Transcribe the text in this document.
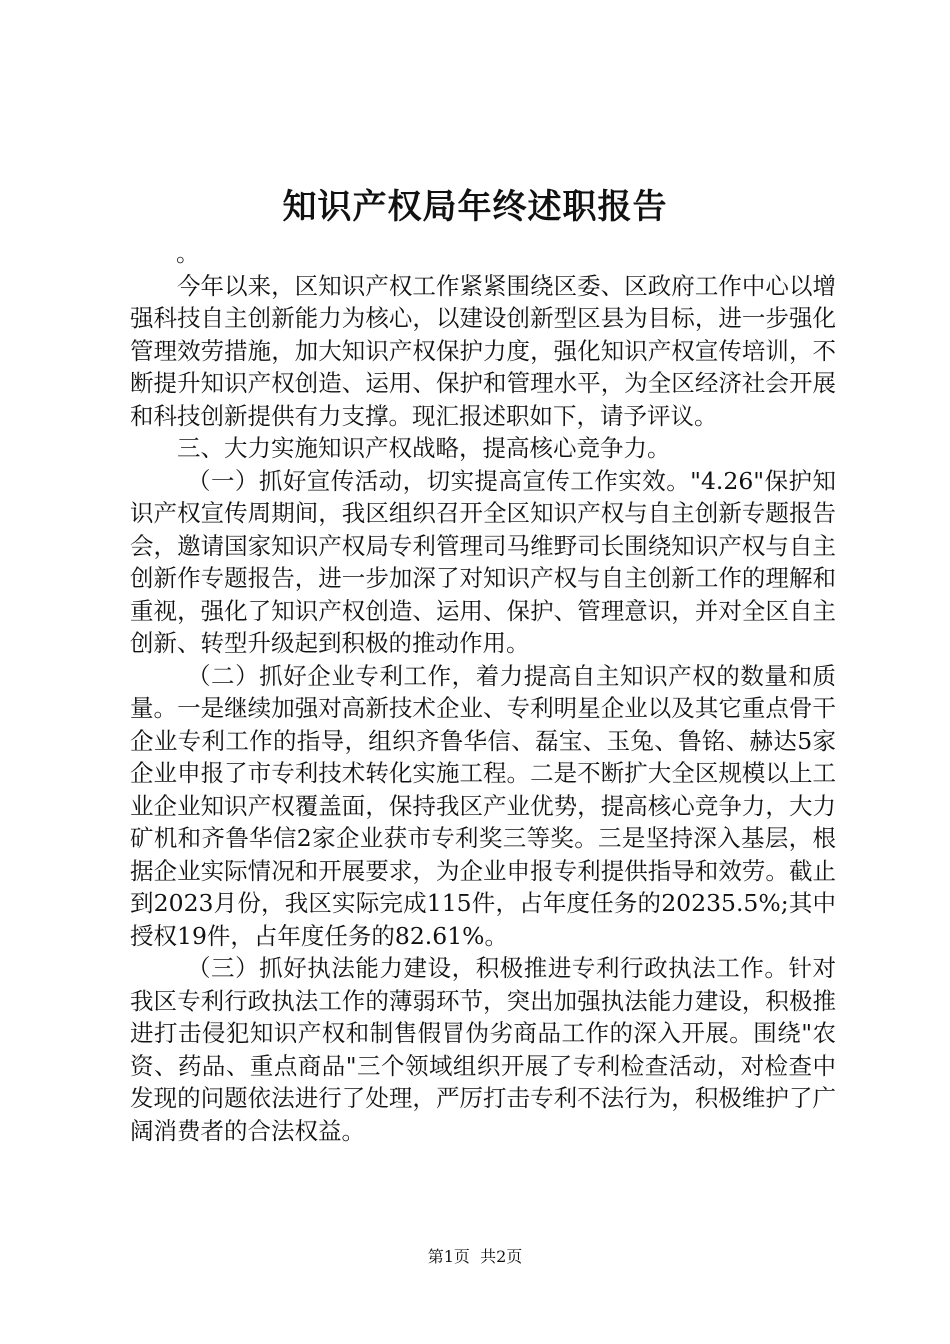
知识产权局年终述职报告

。

今年以来，区知识产权工作紧紧围绕区委、区政府工作中心以增强科技自主创新能力为核心，以建设创新型区县为目标，进一步强化管理效劳措施，加大知识产权保护力度，强化知识产权宣传培训，不断提升知识产权创造、运用、保护和管理水平，为全区经济社会开展和科技创新提供有力支撑。现汇报述职如下，请予评议。

三、大力实施知识产权战略，提高核心竞争力。

（一）抓好宣传活动，切实提高宣传工作实效。"4.26"保护知识产权宣传周期间，我区组织召开全区知识产权与自主创新专题报告会，邀请国家知识产权局专利管理司马维野司长围绕知识产权与自主创新作专题报告，进一步加深了对知识产权与自主创新工作的理解和重视，强化了知识产权创造、运用、保护、管理意识，并对全区自主创新、转型升级起到积极的推动作用。

（二）抓好企业专利工作，着力提高自主知识产权的数量和质量。一是继续加强对高新技术企业、专利明星企业以及其它重点骨干企业专利工作的指导，组织齐鲁华信、磊宝、玉兔、鲁铭、赫达5家企业申报了市专利技术转化实施工程。二是不断扩大全区规模以上工业企业知识产权覆盖面，保持我区产业优势，提高核心竞争力，大力矿机和齐鲁华信2家企业获市专利奖三等奖。三是坚持深入基层，根据企业实际情况和开展要求，为企业申报专利提供指导和效劳。截止到2023月份，我区实际完成115件，占年度任务的20235.5%;其中授权19件，占年度任务的82.61%。

（三）抓好执法能力建设，积极推进专利行政执法工作。针对我区专利行政执法工作的薄弱环节，突出加强执法能力建设，积极推进打击侵犯知识产权和制售假冒伪劣商品工作的深入开展。围绕"农资、药品、重点商品"三个领域组织开展了专利检查活动，对检查中发现的问题依法进行了处理，严厉打击专利不法行为，积极维护了广阔消费者的合法权益。

第1页  共2页
